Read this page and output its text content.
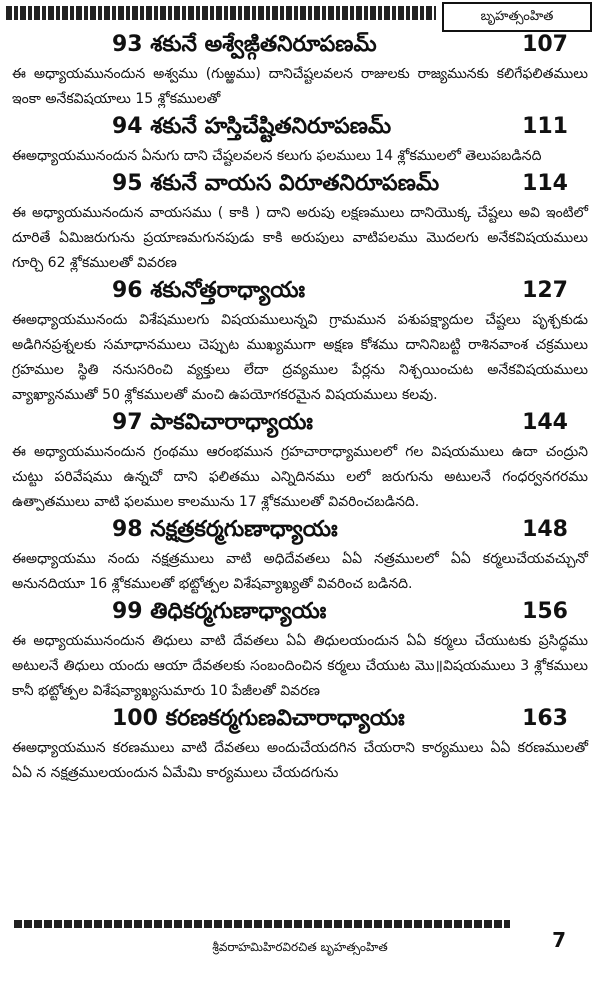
బృహత్సంహిత
93 శకునే అశ్వేఙ్గితనిరూపణమ్	107

ఈ అధ్యాయమునందున అశ్వము (గుఱ్ఱము) దానిచేష్టలవలన రాజులకు రాజ్యమునకు కలిగేఫలితములు ఇంకా అనేకవిషయాలు 15 శ్లోకములతో

94 శకునే హస్తిచేష్టితనిరూపణమ్	111

ఈఅధ్యాయమునందున ఏనుగు దాని చేష్టలవలన కలుగు ఫలములు 14 శ్లోకములలో తెలుపబడినది

95 శకునే వాయస విరూతనిరూపణమ్	114

ఈ అధ్యాయమునందున వాయసము ( కాకి ) దాని అరుపు లక్షణములు దానియొక్క చేష్టలు అవి ఇంటిలో దూరితే ఏమిజరుగును ప్రయాణమగునపుడు కాకి అరుపులు వాటిపలము మొదలగు అనేకవిషయములు గూర్చి 62 శ్లోకములతో వివరణ

96 శకునోత్తరాధ్యాయః	127

ఈఅధ్యాయమునందు విశేషములగు విషయములున్నవి గ్రామమున పశుపక్ష్యాదుల చేష్టలు పృశ్చకుడు అడిగినప్రశ్నలకు సమాధానములు చెప్పుట ముఖ్యముగా అక్షణ కోశము దానినిబట్టి రాశినవాంశ చక్రములు గ్రహముల స్థితి ననుసరించి వ్యక్తులు లేదా ద్రవ్యముల పేర్లను నిశ్చయించుట అనేకవిషయములు వ్యాఖ్యానముతో 50 శ్లోకములతో మంచి ఉపయోగకరమైన విషయములు కలవు.

97 పాకవిచారాధ్యాయః	144

ఈ అధ్యాయమునందున గ్రంథము ఆరంభమున గ్రహచారాధ్యాములలో గల విషయములు ఉదా చంద్రుని చుట్టు పరివేషము ఉన్నచో దాని ఫలితము ఎన్నిదినము లలో జరుగును అటులనే గంధర్వనగరము ఉత్పాతములు వాటి ఫలముల కాలమును 17 శ్లోకములతో వివరించబడినది.

98 నక్షత్రకర్మగుణాధ్యాయః	148

ఈఅధ్యాయము నందు నక్షత్రములు వాటి అధిదేవతలు ఏఏ నత్రములలో ఏఏ కర్మలుచేయవచ్చునో అనునదియూ 16 శ్లోకములతో భట్టోత్పల విశేషవ్యాఖ్యతో వివరించ బడినది.

99 తిధికర్మగుణాధ్యాయః	156

ఈ అధ్యాయమునందున తిధులు వాటి దేవతలు ఏఏ తిధులయందున ఏఏ కర్మలు చేయుటకు ప్రసిద్ధము అటులనే తిధులు యందు ఆయా దేవతలకు సంబందించిన కర్మలు చేయుట మొ॥విషయములు 3 శ్లోకములు కానీ భట్టోత్పల విశేషవ్యాఖ్యసుమారు 10 పేజీలతో వివరణ

100 కరణకర్మగుణవిచారాధ్యాయః	163

ఈఅధ్యాయమున కరణములు వాటి దేవతలు అందుచేయదగిన చేయరాని కార్యములు ఏఏ కరణములతో ఏఏ న నక్షత్రములయందున ఏమేమి కార్యములు చేయదగును

7
శ్రీవరాహమిహిరవిరచిత బృహత్సంహిత
